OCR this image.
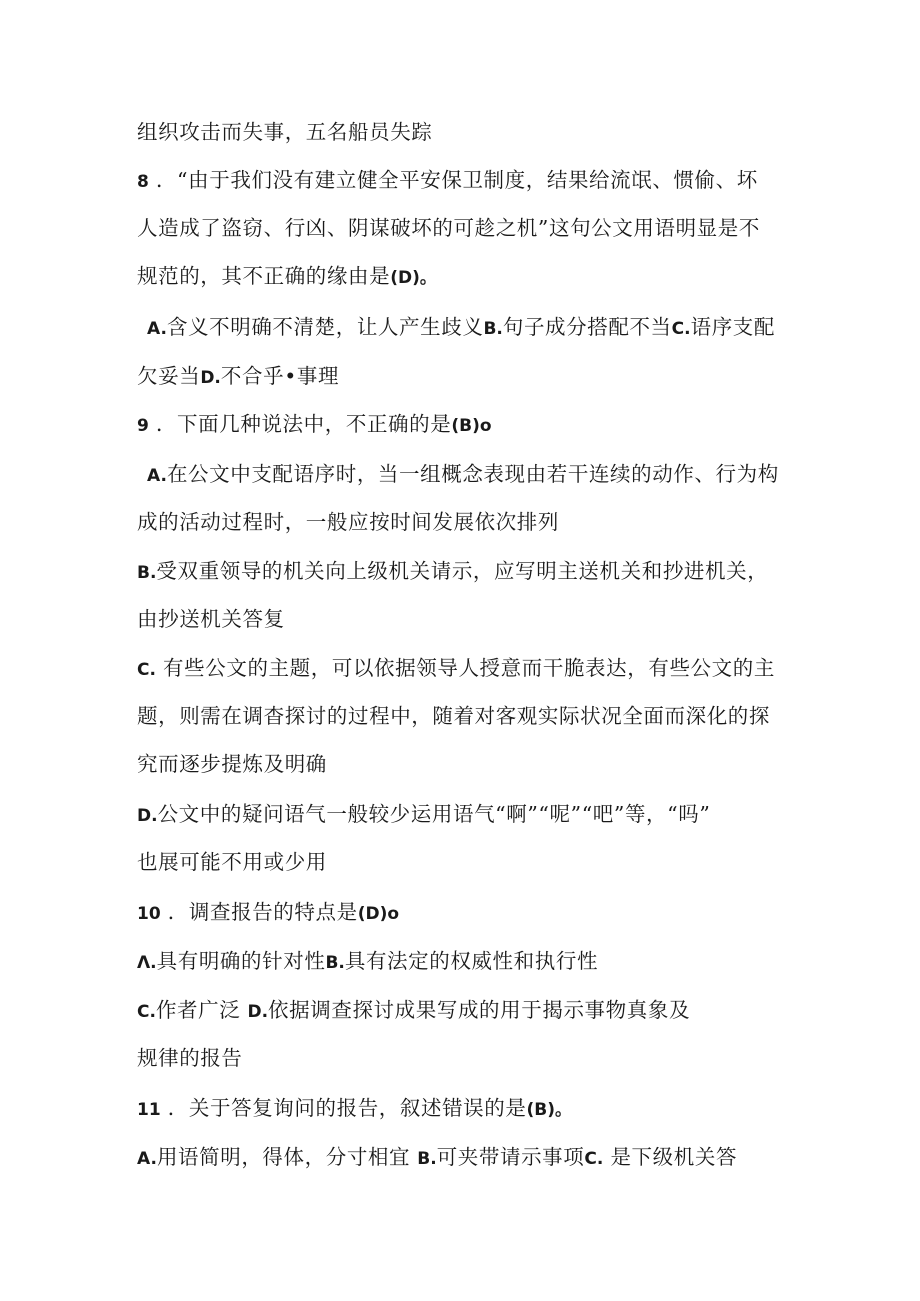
组织攻击而失事，五名船员失踪
8 ．“由于我们没有建立健全平安保卫制度，结果给流氓、惯偷、坏
人造成了盗窃、行凶、阴谋破坏的可趁之机”这句公文用语明显是不
规范的，其不正确的缘由是(D)。
A.含义不明确不清楚，让人产生歧义B.句子成分搭配不当C.语序支配
欠妥当D.不合乎•事理
9 ．下面几种说法中，不正确的是(B)o
A.在公文中支配语序时，当一组概念表现由若干连续的动作、行为构
成的活动过程时，一般应按时间发展依次排列
B.受双重领导的机关向上级机关请示，应写明主送机关和抄进机关，
由抄送机关答复
C. 有些公文的主题，可以依据领导人授意而干脆表达，有些公文的主
题，则需在调杳探讨的过程中，随着对客观实际状况全面而深化的探
究而逐步提炼及明确
D.公文中的疑问语气一般较少运用语气“啊”“呢”“吧”等，“吗”
也展可能不用或少用
10 ．调查报告的特点是(D)o
Λ.具有明确的针对性B.具有法定的权威性和执行性
C.作者广泛 D.依据调查探讨成果写成的用于揭示事物真象及
规律的报告
11 ．关于答复询问的报告，叙述错误的是(B)。
A.用语简明，得体，分寸相宜 B.可夹带请示事项C. 是下级机关答
